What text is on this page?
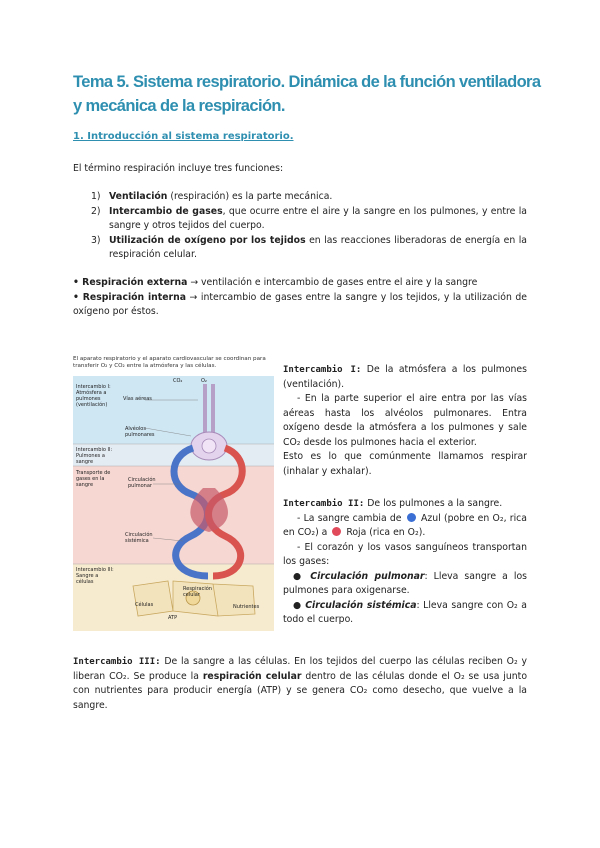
Tema 5. Sistema respiratorio. Dinámica de la función ventiladora y mecánica de la respiración.
1. Introducción al sistema respiratorio.
El término respiración incluye tres funciones:
1) Ventilación (respiración) es la parte mecánica.
2) Intercambio de gases, que ocurre entre el aire y la sangre en los pulmones, y entre la sangre y otros tejidos del cuerpo.
3) Utilización de oxígeno por los tejidos en las reacciones liberadoras de energía en la respiración celular.
• Respiración externa → ventilación e intercambio de gases entre el aire y la sangre
• Respiración interna → intercambio de gases entre la sangre y los tejidos, y la utilización de oxígeno por éstos.
El aparato respiratorio y el aparato cardiovascular se coordinan para transferir O₂ y CO₂ entre la atmósfera y las células.
Intercambio I: Atmósfera a pulmones (ventilación)
Intercambio II: Pulmones a sangre
Transporte de gases en la sangre
Intercambio III: Sangre a células
Vías aéreas
Alvéolos pulmonares
Circulación pulmonar
Circulación sistémica
CO₂	O₂
Células
Respiración celular
Nutrientes
ATP
Intercambio I: De la atmósfera a los pulmones (ventilación).
- En la parte superior el aire entra por las vías aéreas hasta los alvéolos pulmonares. Entra oxígeno desde la atmósfera a los pulmones y sale CO₂ desde los pulmones hacia el exterior.
Esto es lo que comúnmente llamamos respirar (inhalar y exhalar).
Intercambio II: De los pulmones a la sangre.
- La sangre cambia de Azul (pobre en O₂, rica en CO₂) a Roja (rica en O₂).
- El corazón y los vasos sanguíneos transportan los gases:
● Circulación pulmonar: Lleva sangre a los pulmones para oxigenarse.
● Circulación sistémica: Lleva sangre con O₂ a todo el cuerpo.
Intercambio III: De la sangre a las células. En los tejidos del cuerpo las células reciben O₂ y liberan CO₂. Se produce la respiración celular dentro de las células donde el O₂ se usa junto con nutrientes para producir energía (ATP) y se genera CO₂ como desecho, que vuelve a la sangre.
